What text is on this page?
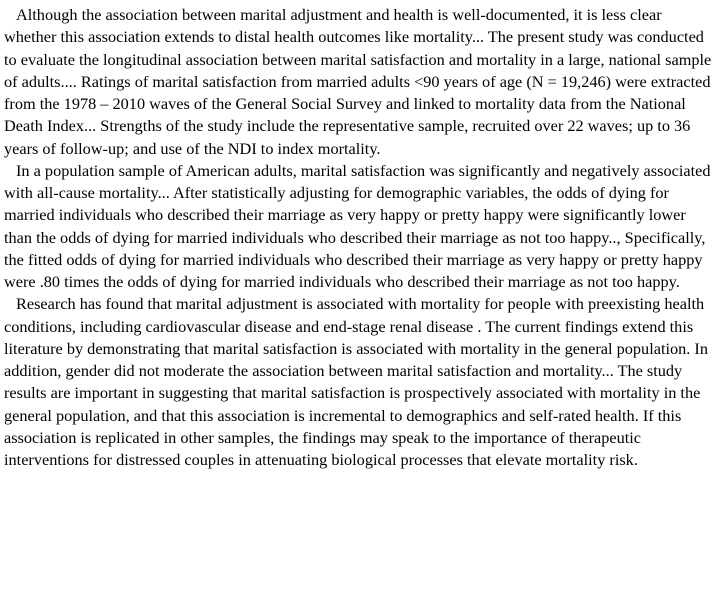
Although the association between marital adjustment and health is well-documented, it is less clear whether this association extends to distal health outcomes like mortality... The present study was conducted to evaluate the longitudinal association between marital satisfaction and mortality in a large, national sample of adults.... Ratings of marital satisfaction from married adults <90 years of age (N = 19,246) were extracted from the 1978 – 2010 waves of the General Social Survey and linked to mortality data from the National Death Index... Strengths of the study include the representative sample, recruited over 22 waves; up to 36 years of follow-up; and use of the NDI to index mortality.

In a population sample of American adults, marital satisfaction was significantly and negatively associated with all-cause mortality... After statistically adjusting for demographic variables, the odds of dying for married individuals who described their marriage as very happy or pretty happy were significantly lower than the odds of dying for married individuals who described their marriage as not too happy.., Specifically, the fitted odds of dying for married individuals who described their marriage as very happy or pretty happy were .80 times the odds of dying for married individuals who described their marriage as not too happy.

Research has found that marital adjustment is associated with mortality for people with preexisting health conditions, including cardiovascular disease and end-stage renal disease . The current findings extend this literature by demonstrating that marital satisfaction is associated with mortality in the general population. In addition, gender did not moderate the association between marital satisfaction and mortality... The study results are important in suggesting that marital satisfaction is prospectively associated with mortality in the general population, and that this association is incremental to demographics and self-rated health. If this association is replicated in other samples, the findings may speak to the importance of therapeutic interventions for distressed couples in attenuating biological processes that elevate mortality risk.
